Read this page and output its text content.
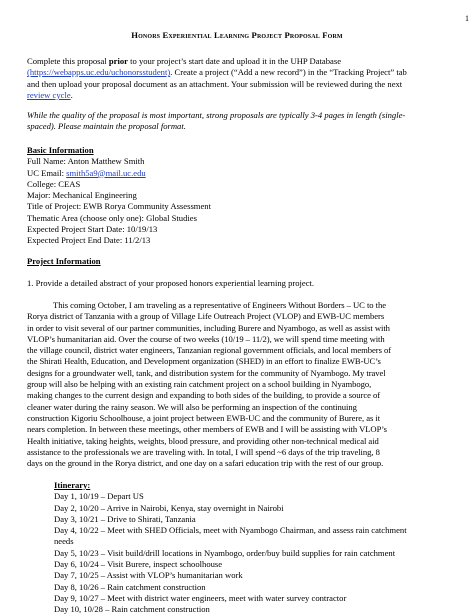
1
Honors Experiential Learning Project Proposal Form
Complete this proposal prior to your project’s start date and upload it in the UHP Database
(https://webapps.uc.edu/uchonorsstudent). Create a project (“Add a new record”) in the “Tracking Project” tab
and then upload your proposal document as an attachment. Your submission will be reviewed during the next
review cycle.
While the quality of the proposal is most important, strong proposals are typically 3-4 pages in length (single-
spaced). Please maintain the proposal format.
Basic Information
Full Name: Anton Matthew Smith
UC Email: smith5a9@mail.uc.edu
College: CEAS
Major: Mechanical Engineering
Title of Project: EWB Rorya Community Assessment
Thematic Area (choose only one): Global Studies
Expected Project Start Date: 10/19/13
Expected Project End Date: 11/2/13
Project Information
1. Provide a detailed abstract of your proposed honors experiential learning project.
This coming October, I am traveling as a representative of Engineers Without Borders – UC to the
Rorya district of Tanzania with a group of Village Life Outreach Project (VLOP) and EWB-UC members
in order to visit several of our partner communities, including Burere and Nyambogo, as well as assist with
VLOP’s humanitarian aid. Over the course of two weeks (10/19 – 11/2), we will spend time meeting with
the village council, district water engineers, Tanzanian regional government officials, and local members of
the Shirati Health, Education, and Development organization (SHED) in an effort to finalize EWB-UC’s
designs for a groundwater well, tank, and distribution system for the community of Nyambogo. My travel
group will also be helping with an existing rain catchment project on a school building in Nyambogo,
making changes to the current design and expanding to both sides of the building, to provide a source of
cleaner water during the rainy season. We will also be performing an inspection of the continuing
construction Kigoriu Schoolhouse, a joint project between EWB-UC and the community of Burere, as it
nears completion. In between these meetings, other members of EWB and I will be assisting with VLOP’s
Health initiative, taking heights, weights, blood pressure, and providing other non-technical medical aid
assistance to the professionals we are traveling with. In total, I will spend ~6 days of the trip traveling, 8
days on the ground in the Rorya district, and one day on a safari education trip with the rest of our group.
Itinerary:
Day 1, 10/19 – Depart US
Day 2, 10/20 – Arrive in Nairobi, Kenya, stay overnight in Nairobi
Day 3, 10/21 – Drive to Shirati, Tanzania
Day 4, 10/22 – Meet with SHED Officials, meet with Nyambogo Chairman, and assess rain catchment
needs
Day 5, 10/23 – Visit build/drill locations in Nyambogo, order/buy build supplies for rain catchment
Day 6, 10/24 – Visit Burere, inspect schoolhouse
Day 7, 10/25 – Assist with VLOP’s humanitarian work
Day 8, 10/26 – Rain catchment construction
Day 9, 10/27 – Meet with district water engineers, meet with water survey contractor
Day 10, 10/28 – Rain catchment construction
